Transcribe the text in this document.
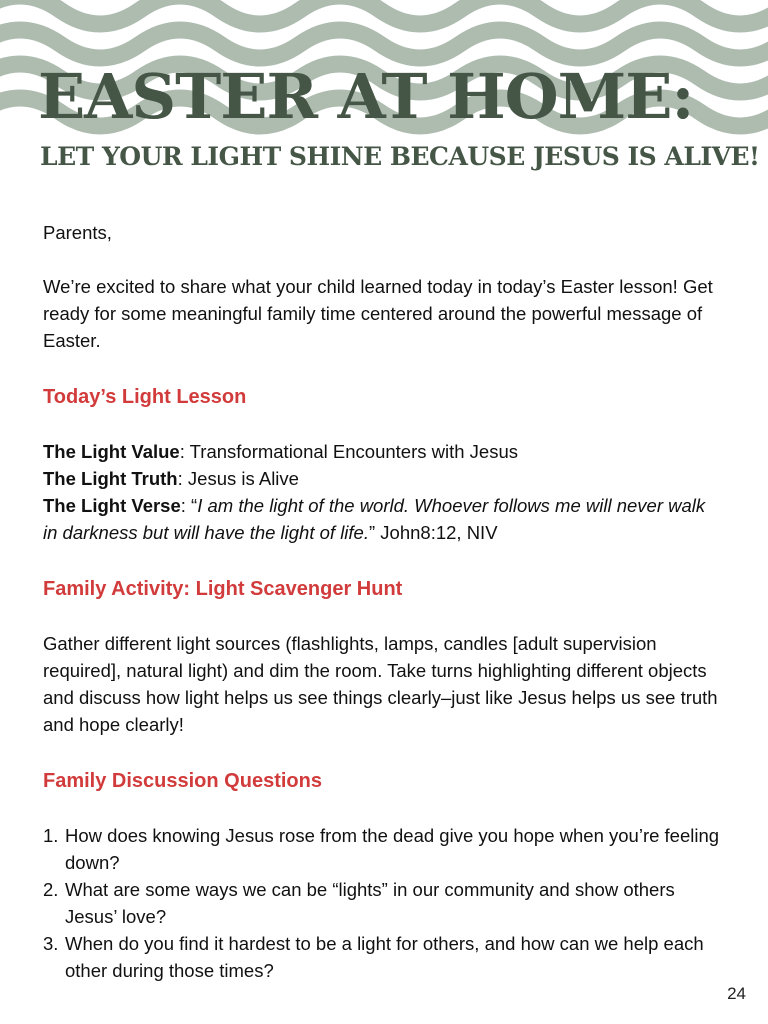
EASTER AT HOME:
LET YOUR LIGHT SHINE BECAUSE JESUS IS ALIVE!

Parents,

We’re excited to share what your child learned today in today’s Easter lesson! Get ready for some meaningful family time centered around the powerful message of Easter.

Today’s Light Lesson

The Light Value: Transformational Encounters with Jesus

The Light Truth: Jesus is Alive

The Light Verse: “I am the light of the world. Whoever follows me will never walk in darkness but will have the light of life.” John8:12, NIV

Family Activity: Light Scavenger Hunt

Gather different light sources (flashlights, lamps, candles [adult supervision required], natural light) and dim the room. Take turns highlighting different objects and discuss how light helps us see things clearly–just like Jesus helps us see truth and hope clearly!

Family Discussion Questions

1. How does knowing Jesus rose from the dead give you hope when you’re feeling down?
2. What are some ways we can be “lights” in our community and show others Jesus’ love?
3. When do you find it hardest to be a light for others, and how can we help each other during those times?
24
